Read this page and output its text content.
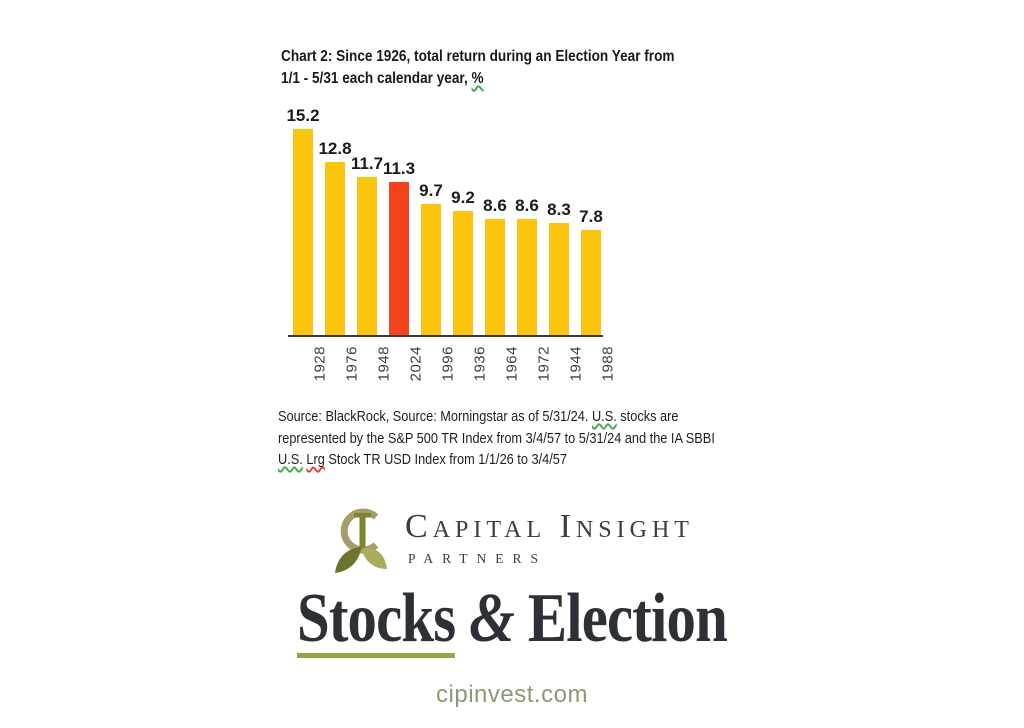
Chart 2: Since 1926, total return during an Election Year from
1/1 - 5/31 each calendar year, %
15.2
1928
12.8
1976
11.7
1948
11.3
2024
9.7
1996
9.2
1936
8.6
1964
8.6
1972
8.3
1944
7.8
1988
Source: BlackRock, Source: Morningstar as of 5/31/24. U.S. stocks are
represented by the S&P 500 TR Index from 3/4/57 to 5/31/24 and the IA SBBI
U.S. Lrg Stock TR USD Index from 1/1/26 to 3/4/57
Capital Insight
PARTNERS
Stocks & Election
cipinvest.com
